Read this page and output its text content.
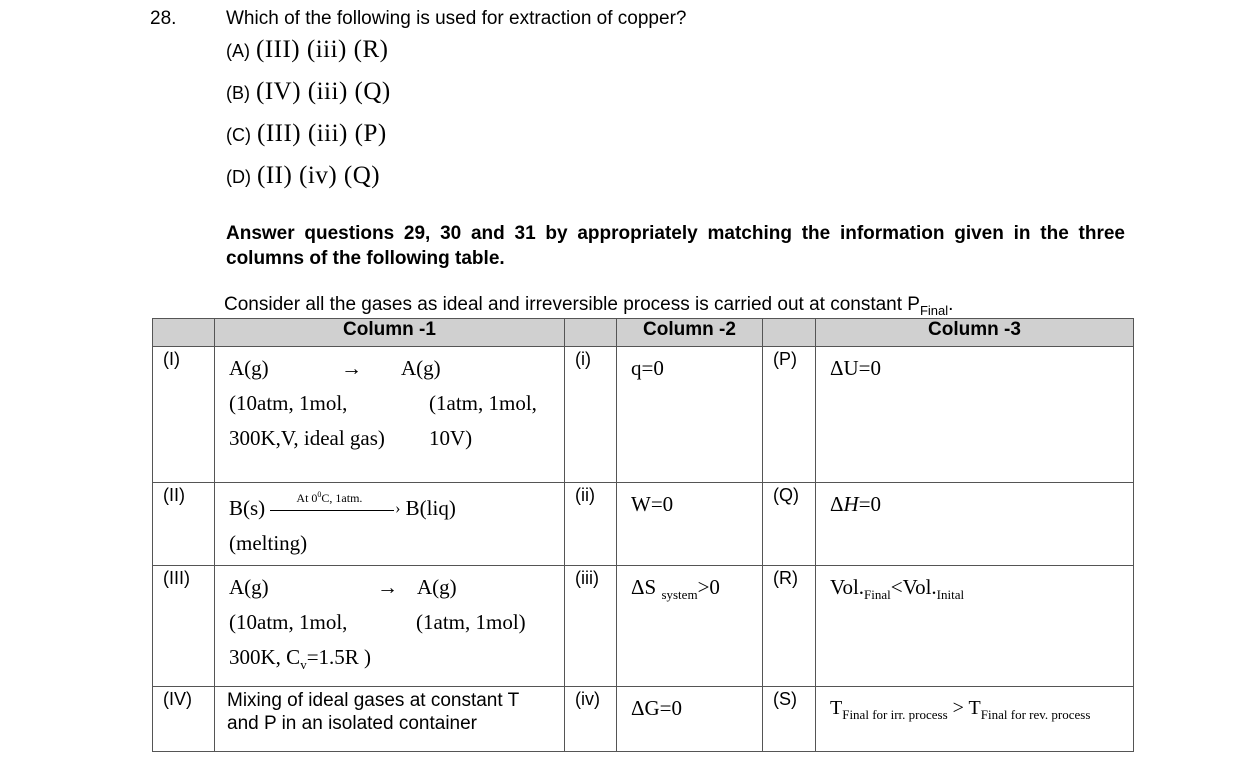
28.	Which of the following is used for extraction of copper?
(A) (III) (iii) (R)
(B) (IV) (iii) (Q)
(C) (III) (iii) (P)
(D) (II) (iv) (Q)
Answer questions 29, 30 and 31 by appropriately matching the information given in the three columns of the following table.
Consider all the gases as ideal and irreversible process is carried out at constant $P_{Final}$.
	Column -1		Column -2		Column -3
(I)	A(g) → A(g)
(10atm, 1mol, (1atm, 1mol,
300K,V, ideal gas) 10V)	(i)	q=0	(P)	ΔU=0
(II)	B(s) ›
At $0^0C$, 1atm. B(liq)
(melting)	(ii)	W=0	(Q)	ΔH=0
(III)	A(g) → A(g)
(10atm, 1mol, (1atm, 1mol)
300K, $C_v=1.5R$ )	(iii)	ΔS $_{system}$>0	(R)	$Vol._{Final}<Vol._{Inital}$
(IV)	Mixing of ideal gases at constant T and P in an isolated container	(iv)	ΔG=0	(S)	$T_{Final for irr. process} > T_{Final for rev. process}$
